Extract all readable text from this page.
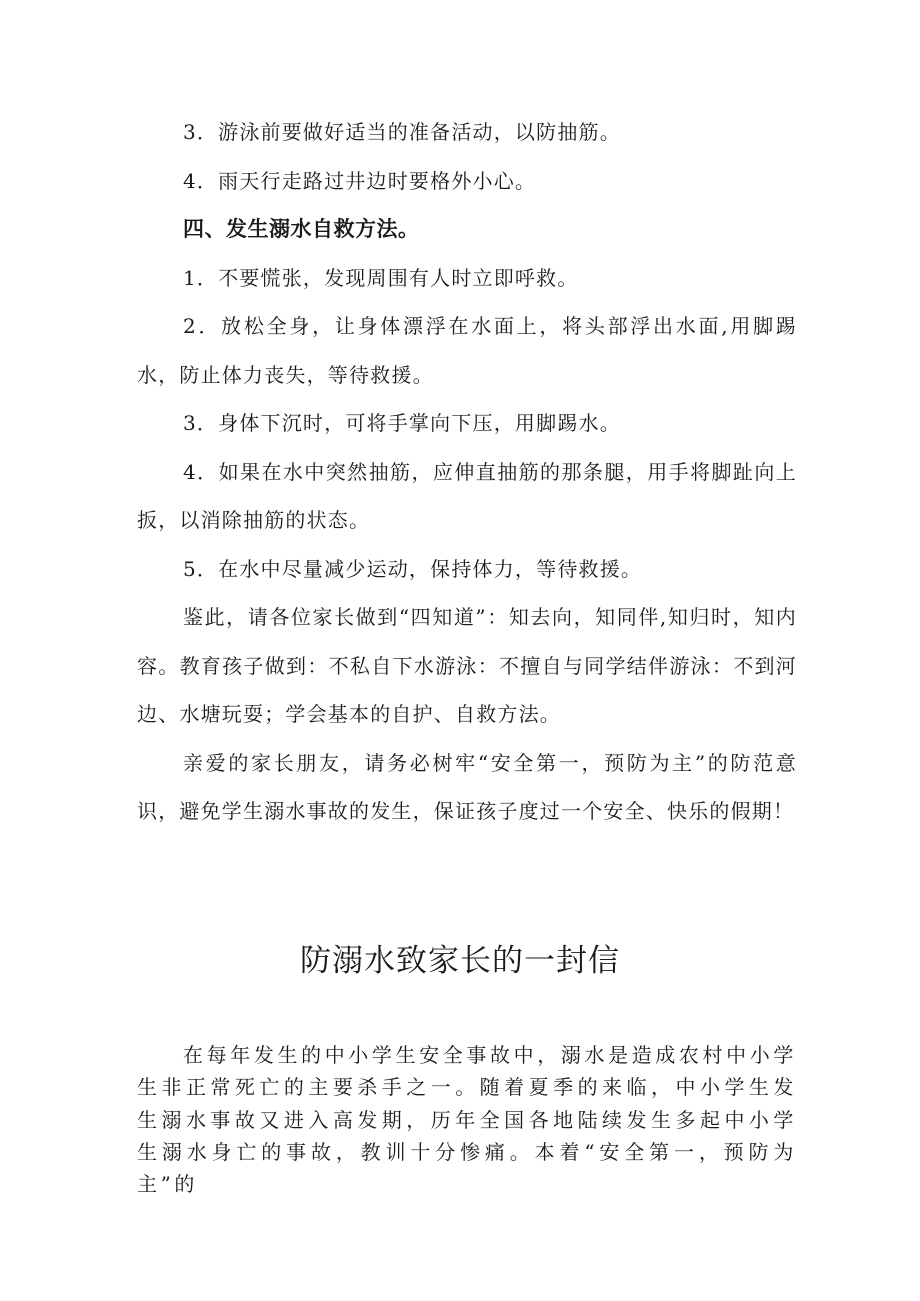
3．游泳前要做好适当的准备活动，以防抽筋。

4．雨天行走路过井边时要格外小心。

四、发生溺水自救方法。

1．不要慌张，发现周围有人时立即呼救。

2．放松全身，让身体漂浮在水面上，将头部浮出水面,用脚踢水，防止体力丧失，等待救援。

3．身体下沉时，可将手掌向下压，用脚踢水。

4．如果在水中突然抽筋，应伸直抽筋的那条腿，用手将脚趾向上扳，以消除抽筋的状态。

5．在水中尽量减少运动，保持体力，等待救援。

鉴此，请各位家长做到“四知道”：知去向，知同伴,知归时，知内容。教育孩子做到：不私自下水游泳：不擅自与同学结伴游泳：不到河边、水塘玩耍；学会基本的自护、自救方法。

亲爱的家长朋友，请务必树牢“安全第一，预防为主”的防范意识，避免学生溺水事故的发生，保证孩子度过一个安全、快乐的假期！

防溺水致家长的一封信

在每年发生的中小学生安全事故中，溺水是造成农村中小学生非正常死亡的主要杀手之一。随着夏季的来临，中小学生发生溺水事故又进入高发期，历年全国各地陆续发生多起中小学生溺水身亡的事故，教训十分惨痛。本着“安全第一，预防为主”的
